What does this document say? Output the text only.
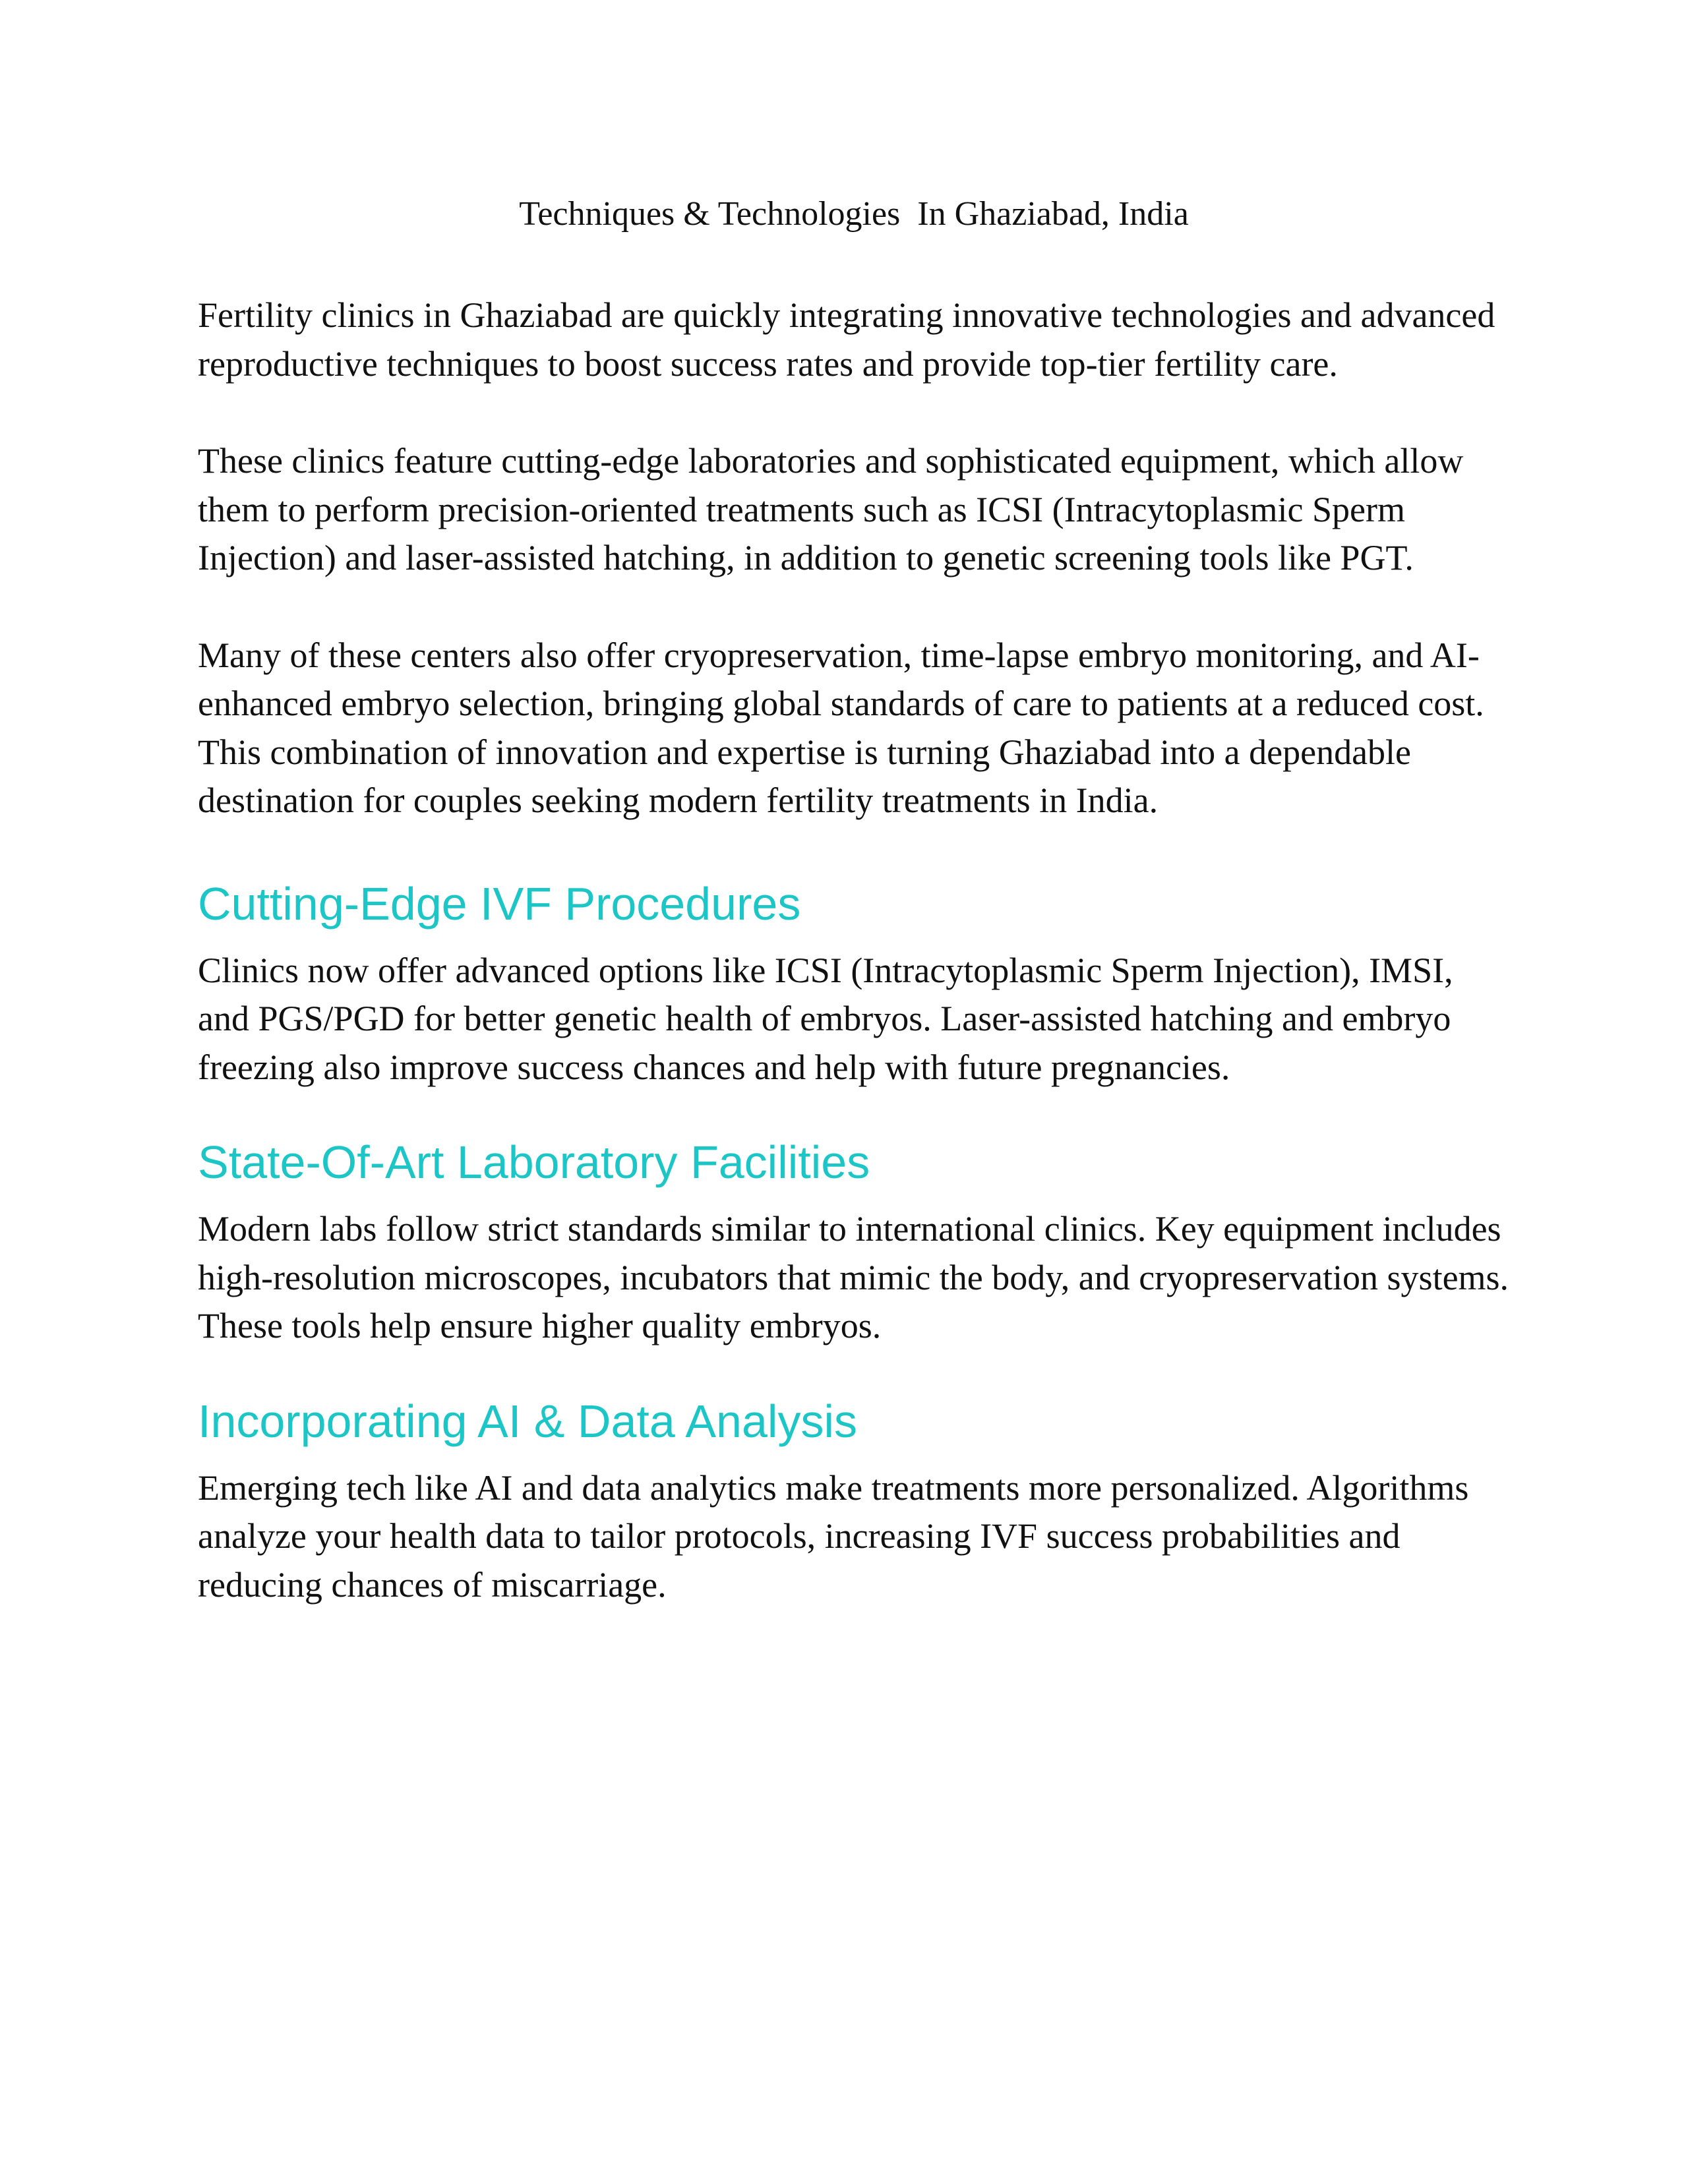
Techniques & Technologies  In Ghaziabad, India

Fertility clinics in Ghaziabad are quickly integrating innovative technologies and advanced reproductive techniques to boost success rates and provide top-tier fertility care.

These clinics feature cutting-edge laboratories and sophisticated equipment, which allow them to perform precision-oriented treatments such as ICSI (Intracytoplasmic Sperm Injection) and laser-assisted hatching, in addition to genetic screening tools like PGT.

Many of these centers also offer cryopreservation, time-lapse embryo monitoring, and AI-enhanced embryo selection, bringing global standards of care to patients at a reduced cost. This combination of innovation and expertise is turning Ghaziabad into a dependable destination for couples seeking modern fertility treatments in India.

Cutting-Edge IVF Procedures

Clinics now offer advanced options like ICSI (Intracytoplasmic Sperm Injection), IMSI, and PGS/PGD for better genetic health of embryos. Laser-assisted hatching and embryo freezing also improve success chances and help with future pregnancies.

State-Of-Art Laboratory Facilities

Modern labs follow strict standards similar to international clinics. Key equipment includes high-resolution microscopes, incubators that mimic the body, and cryopreservation systems. These tools help ensure higher quality embryos.

Incorporating AI & Data Analysis

Emerging tech like AI and data analytics make treatments more personalized. Algorithms analyze your health data to tailor protocols, increasing IVF success probabilities and reducing chances of miscarriage.
